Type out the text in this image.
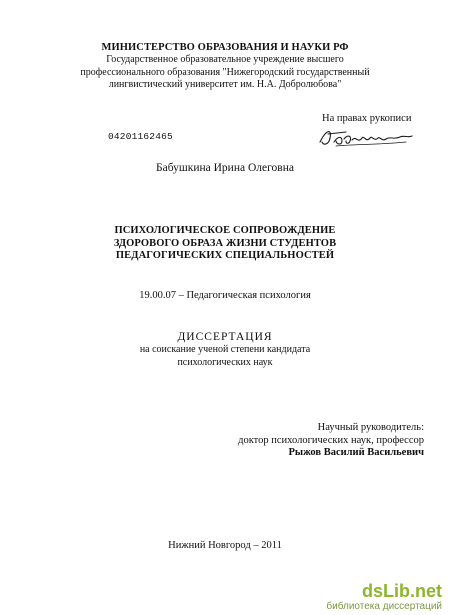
МИНИСТЕРСТВО ОБРАЗОВАНИЯ И НАУКИ РФ
Государственное образовательное учреждение высшего
профессионального образования "Нижегородский государственный
лингвистический университет им. Н.А. Добролюбова"
На правах рукописи
04201162465
Бабушкина Ирина Олеговна
ПСИХОЛОГИЧЕСКОЕ СОПРОВОЖДЕНИЕ
ЗДОРОВОГО ОБРАЗА ЖИЗНИ СТУДЕНТОВ
ПЕДАГОГИЧЕСКИХ СПЕЦИАЛЬНОСТЕЙ
19.00.07 – Педагогическая психология
ДИССЕРТАЦИЯ
на соискание ученой степени кандидата
психологических наук
Научный руководитель:
доктор психологических наук, профессор
Рыжов Василий Васильевич
Нижний Новгород – 2011
dsLib.net
библиотека диссертаций
